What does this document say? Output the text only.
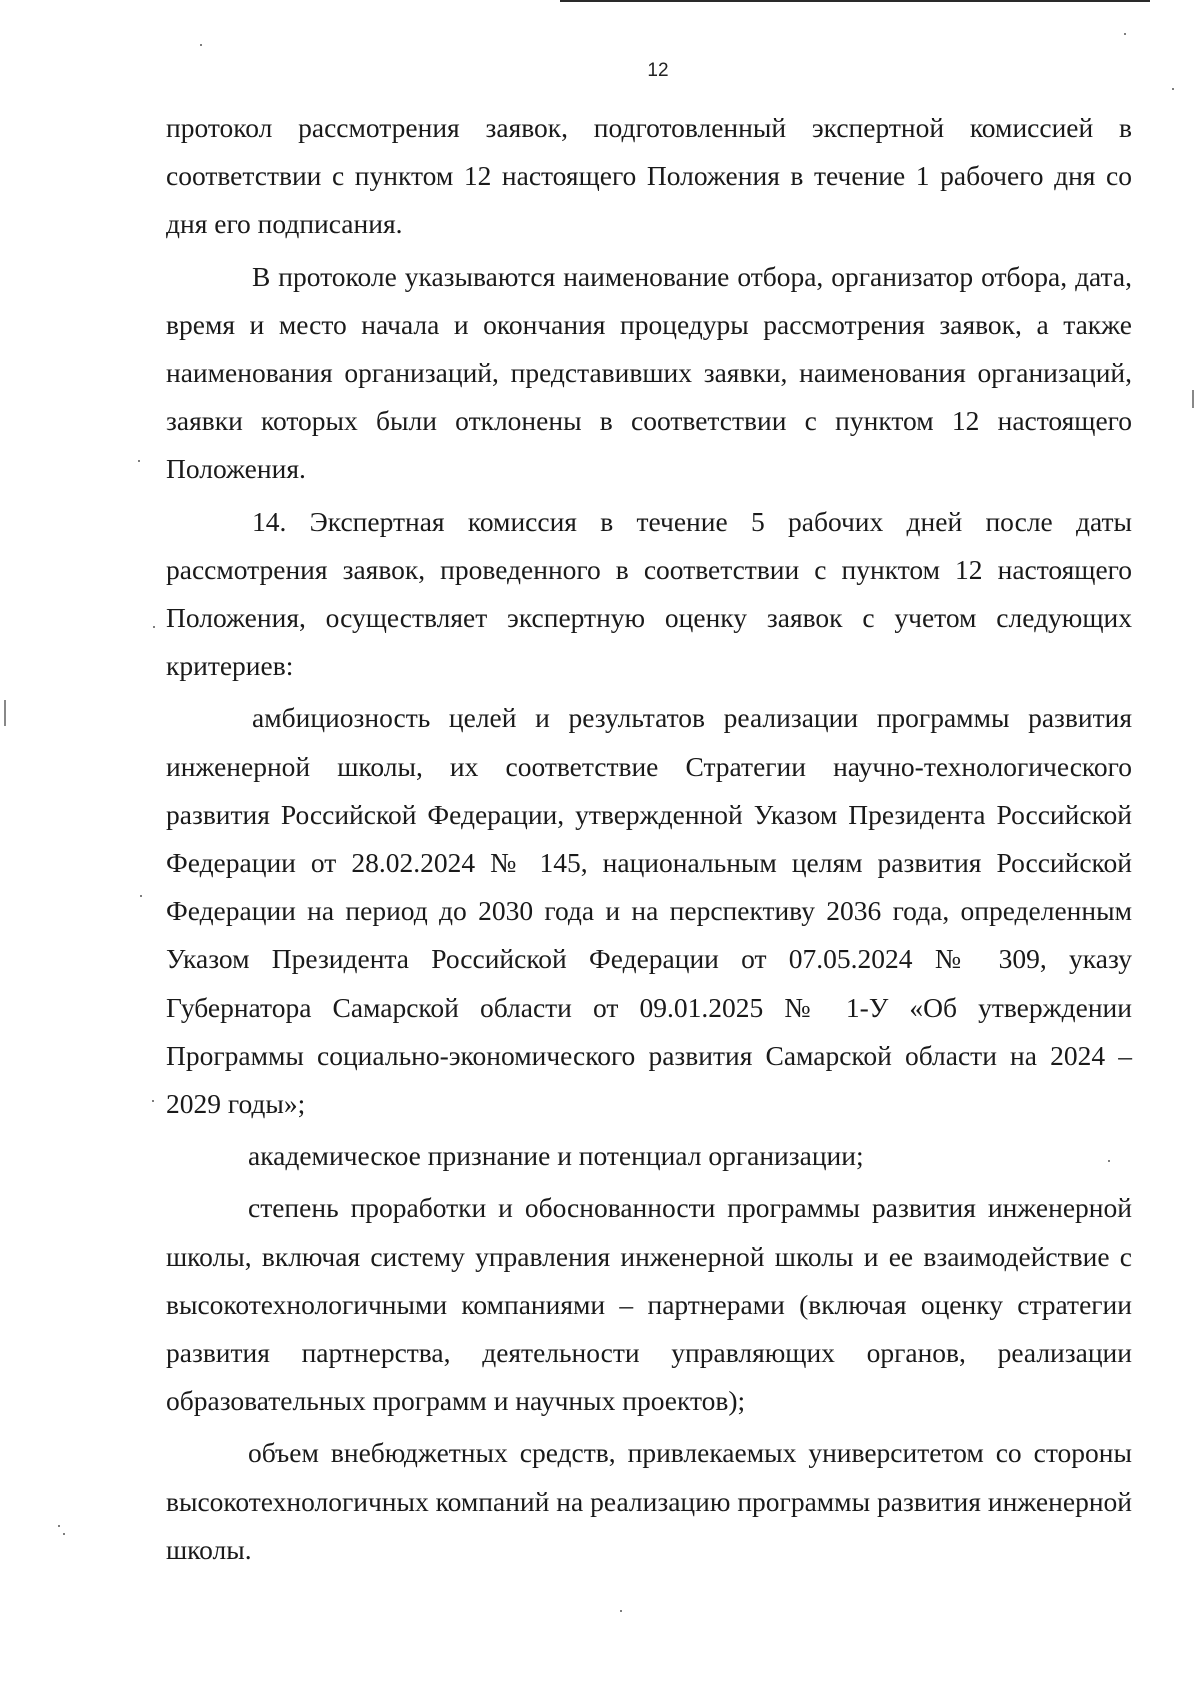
12

протокол рассмотрения заявок, подготовленный экспертной комиссией в соответствии с пунктом 12 настоящего Положения в течение 1 рабочего дня со дня его подписания.

В протоколе указываются наименование отбора, организатор отбора, дата, время и место начала и окончания процедуры рассмотрения заявок, а также наименования организаций, представивших заявки, наименования организаций, заявки которых были отклонены в соответствии с пунктом 12 настоящего Положения.

14. Экспертная комиссия в течение 5 рабочих дней после даты рассмотрения заявок, проведенного в соответствии с пунктом 12 настоящего Положения, осуществляет экспертную оценку заявок с учетом следующих критериев:

амбициозность целей и результатов реализации программы развития инженерной школы, их соответствие Стратегии научно-технологического развития Российской Федерации, утвержденной Указом Президента Российской Федерации от 28.02.2024 № 145, национальным целям развития Российской Федерации на период до 2030 года и на перспективу 2036 года, определенным Указом Президента Российской Федерации от 07.05.2024 № 309, указу Губернатора Самарской области от 09.01.2025 № 1-У «Об утверждении Программы социально-экономического развития Самарской области на 2024 – 2029 годы»;

академическое признание и потенциал организации;

степень проработки и обоснованности программы развития инженерной школы, включая систему управления инженерной школы и ее взаимодействие с высокотехнологичными компаниями – партнерами (включая оценку стратегии развития партнерства, деятельности управляющих органов, реализации образовательных программ и научных проектов);

объем внебюджетных средств, привлекаемых университетом со стороны высокотехнологичных компаний на реализацию программы развития инженерной школы.
